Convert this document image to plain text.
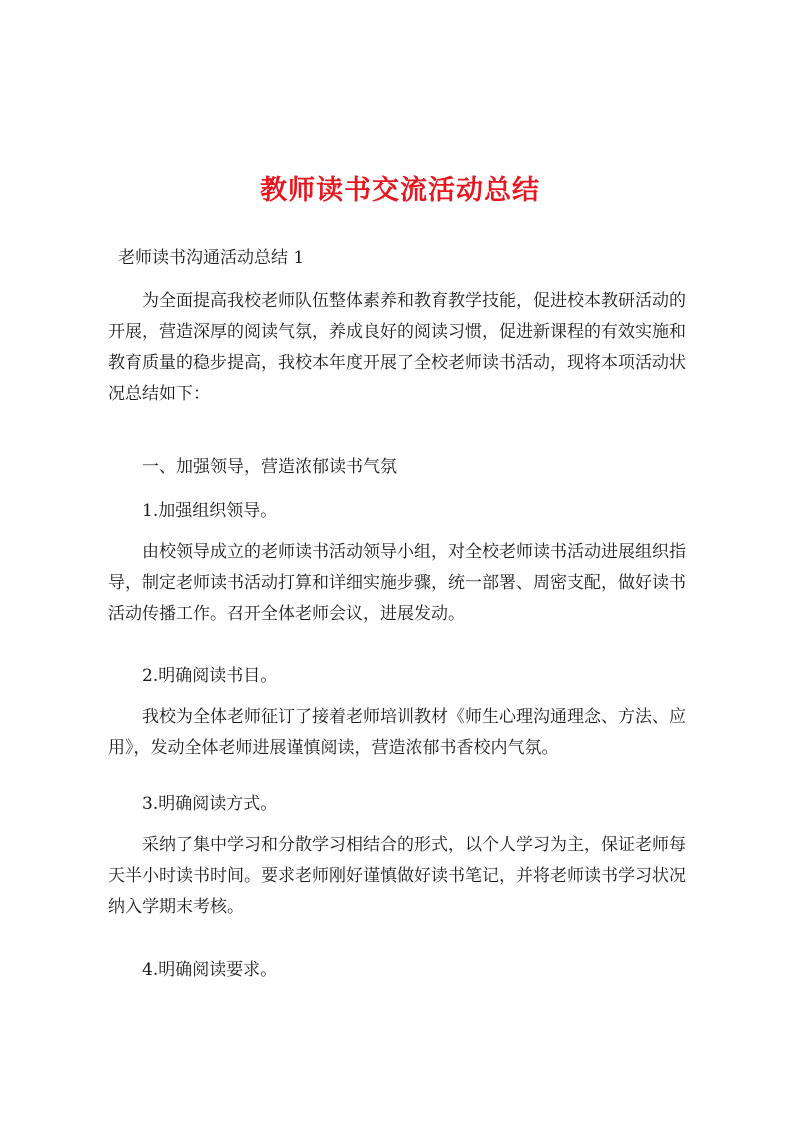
教师读书交流活动总结

老师读书沟通活动总结 1

为全面提高我校老师队伍整体素养和教育教学技能，促进校本教研活动的开展，营造深厚的阅读气氛，养成良好的阅读习惯，促进新课程的有效实施和教育质量的稳步提高，我校本年度开展了全校老师读书活动，现将本项活动状况总结如下：

一、加强领导，营造浓郁读书气氛

1.加强组织领导。

由校领导成立的老师读书活动领导小组，对全校老师读书活动进展组织指导，制定老师读书活动打算和详细实施步骤，统一部署、周密支配，做好读书活动传播工作。召开全体老师会议，进展发动。

2.明确阅读书目。

我校为全体老师征订了接着老师培训教材《师生心理沟通理念、方法、应用》，发动全体老师进展谨慎阅读，营造浓郁书香校内气氛。

3.明确阅读方式。

采纳了集中学习和分散学习相结合的形式，以个人学习为主，保证老师每天半小时读书时间。要求老师刚好谨慎做好读书笔记，并将老师读书学习状况纳入学期末考核。

4.明确阅读要求。
